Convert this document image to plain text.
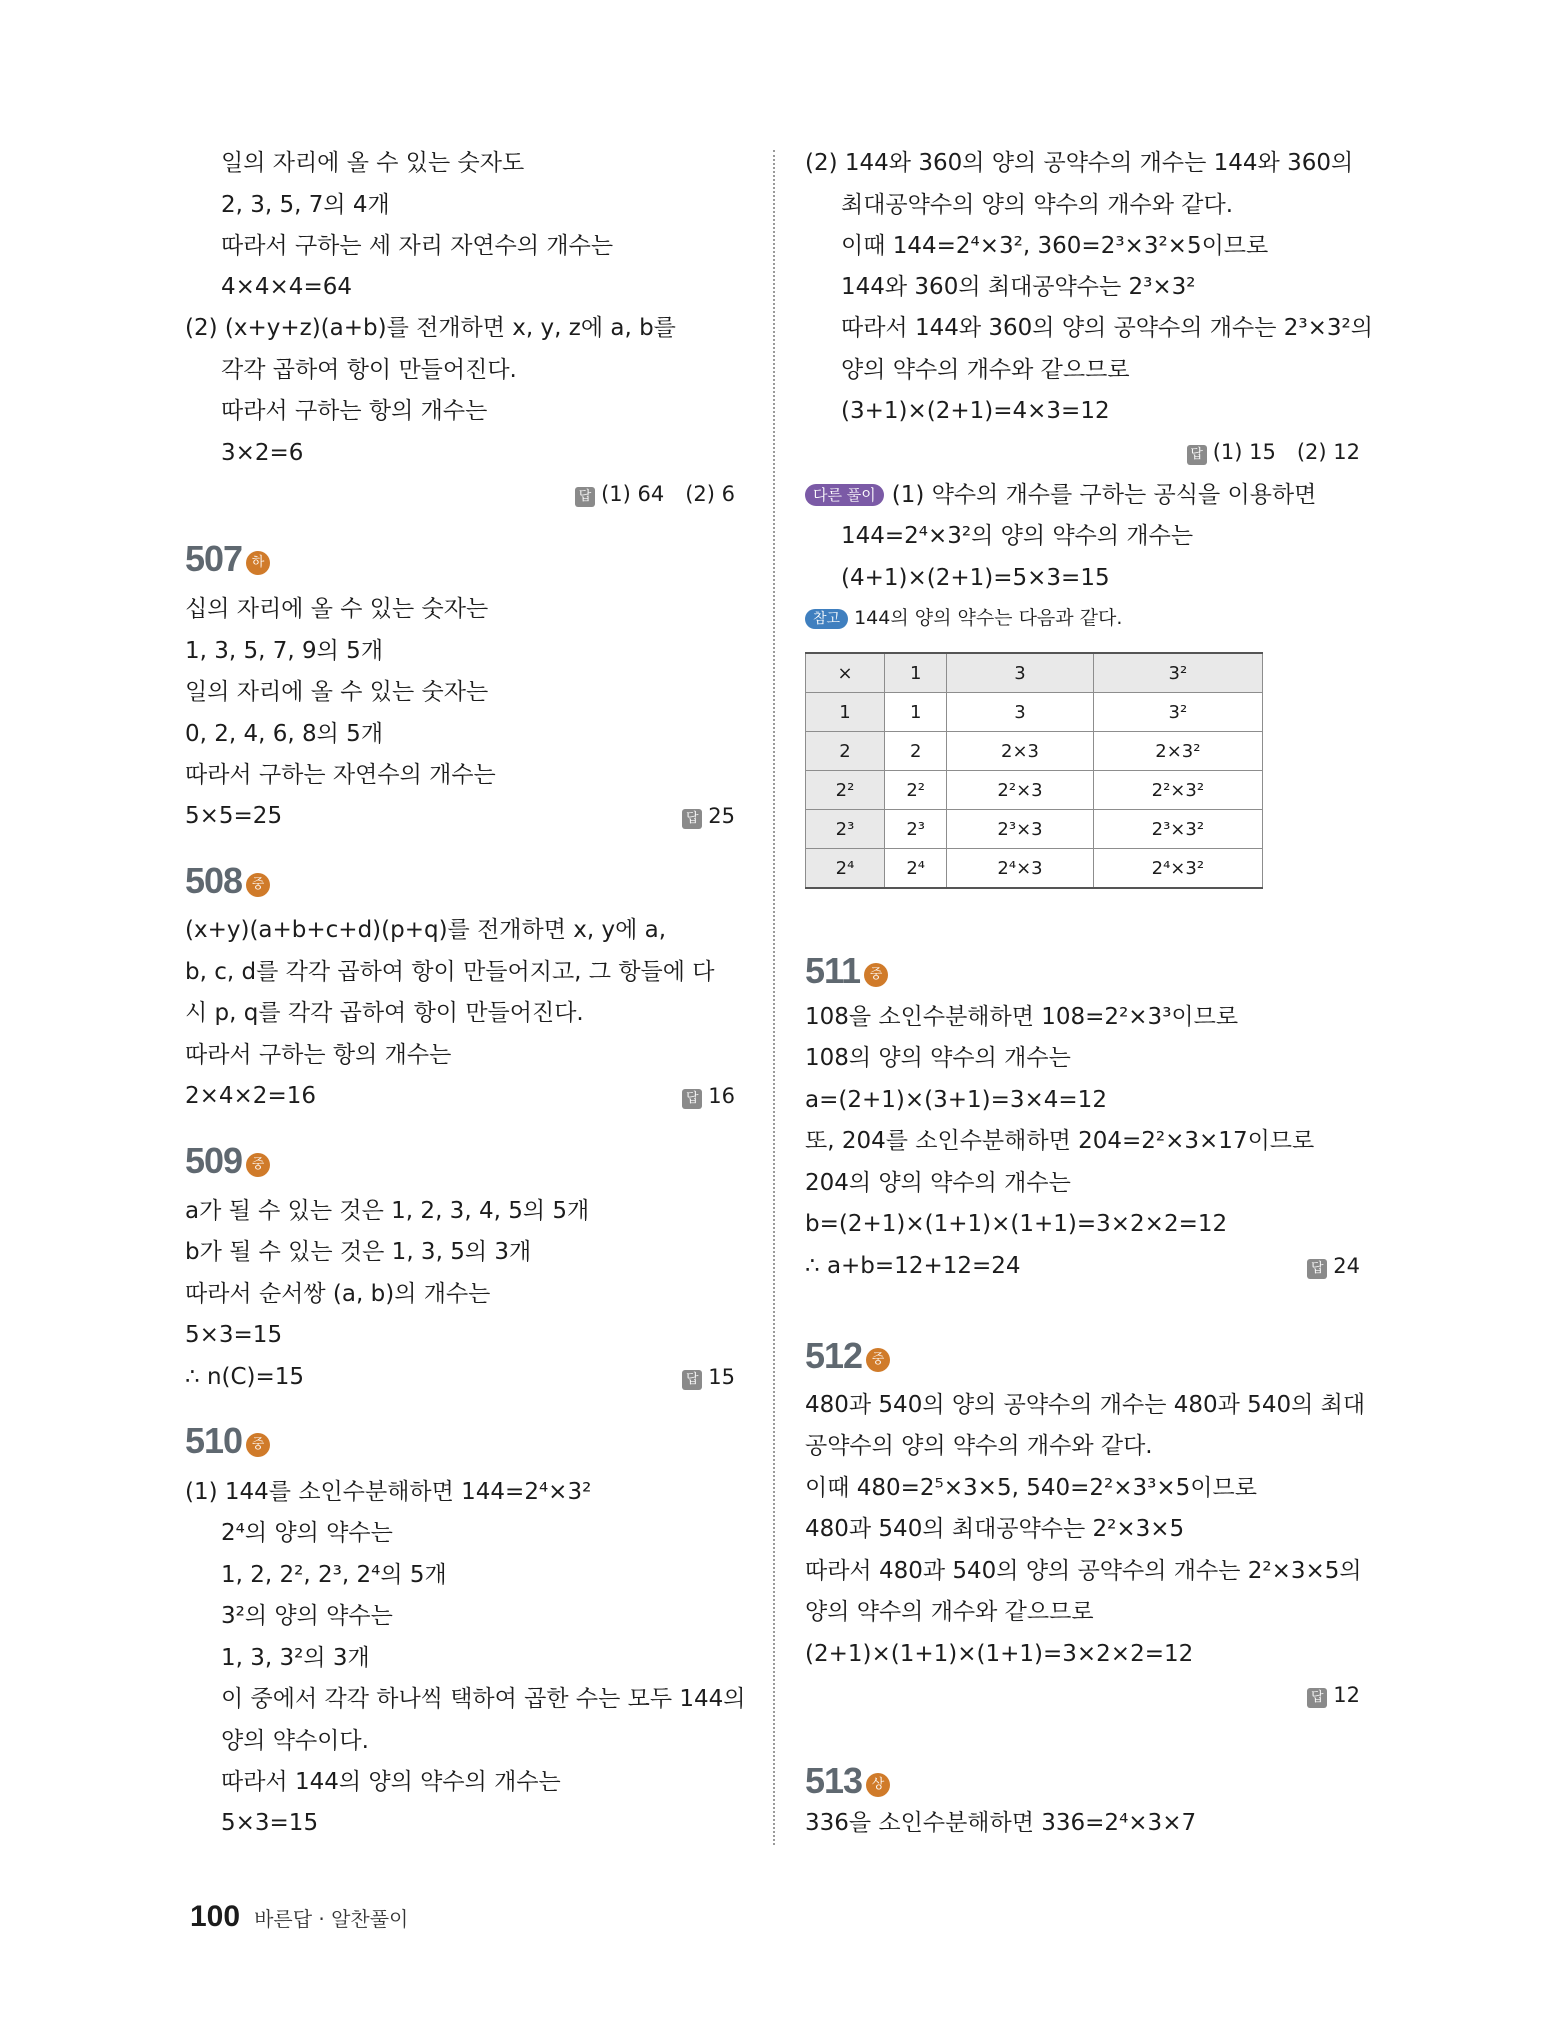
일의 자리에 올 수 있는 숫자도
2, 3, 5, 7의 4개
따라서 구하는 세 자리 자연수의 개수는
4×4×4=64
(2) (x+y+z)(a+b)를 전개하면 x, y, z에 a, b를
각각 곱하여 항이 만들어진다.
따라서 구하는 항의 개수는
3×2=6
답 (1) 64　(2) 6
507 하
십의 자리에 올 수 있는 숫자는
1, 3, 5, 7, 9의 5개
일의 자리에 올 수 있는 숫자는
0, 2, 4, 6, 8의 5개
따라서 구하는 자연수의 개수는
5×5=25	답 25
508 중
(x+y)(a+b+c+d)(p+q)를 전개하면 x, y에 a,
b, c, d를 각각 곱하여 항이 만들어지고, 그 항들에 다
시 p, q를 각각 곱하여 항이 만들어진다.
따라서 구하는 항의 개수는
2×4×2=16	답 16
509 중
a가 될 수 있는 것은 1, 2, 3, 4, 5의 5개
b가 될 수 있는 것은 1, 3, 5의 3개
따라서 순서쌍 (a, b)의 개수는
5×3=15
∴ n(C)=15	답 15
510 중
(1) 144를 소인수분해하면 144=2⁴×3²
2⁴의 양의 약수는
1, 2, 2², 2³, 2⁴의 5개
3²의 양의 약수는
1, 3, 3²의 3개
이 중에서 각각 하나씩 택하여 곱한 수는 모두 144의
양의 약수이다.
따라서 144의 양의 약수의 개수는
5×3=15
(2) 144와 360의 양의 공약수의 개수는 144와 360의
최대공약수의 양의 약수의 개수와 같다.
이때 144=2⁴×3², 360=2³×3²×5이므로
144와 360의 최대공약수는 2³×3²
따라서 144와 360의 양의 공약수의 개수는 2³×3²의
양의 약수의 개수와 같으므로
(3+1)×(2+1)=4×3=12
답 (1) 15　(2) 12
다른 풀이 (1) 약수의 개수를 구하는 공식을 이용하면
144=2⁴×3²의 양의 약수의 개수는
(4+1)×(2+1)=5×3=15
참고 144의 양의 약수는 다음과 같다.
×	1	3	3²
1	1	3	3²
2	2	2×3	2×3²
2²	2²	2²×3	2²×3²
2³	2³	2³×3	2³×3²
2⁴	2⁴	2⁴×3	2⁴×3²
511 중
108을 소인수분해하면 108=2²×3³이므로
108의 양의 약수의 개수는
a=(2+1)×(3+1)=3×4=12
또, 204를 소인수분해하면 204=2²×3×17이므로
204의 양의 약수의 개수는
b=(2+1)×(1+1)×(1+1)=3×2×2=12
∴ a+b=12+12=24	답 24
512 중
480과 540의 양의 공약수의 개수는 480과 540의 최대
공약수의 양의 약수의 개수와 같다.
이때 480=2⁵×3×5, 540=2²×3³×5이므로
480과 540의 최대공약수는 2²×3×5
따라서 480과 540의 양의 공약수의 개수는 2²×3×5의
양의 약수의 개수와 같으므로
(2+1)×(1+1)×(1+1)=3×2×2=12
답 12
513 상
336을 소인수분해하면 336=2⁴×3×7
100 바른답 · 알찬풀이
